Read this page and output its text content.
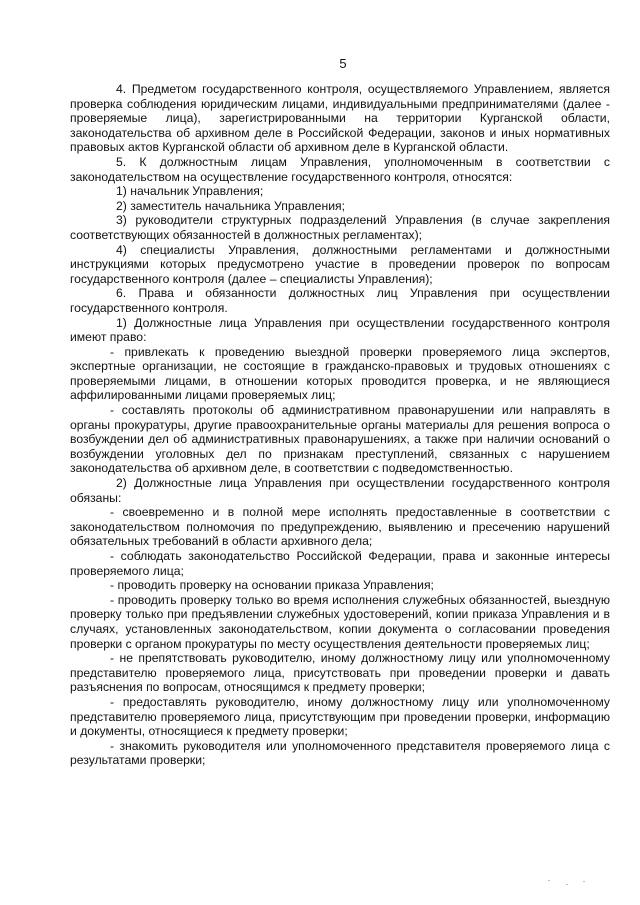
5

4. Предметом государственного контроля, осуществляемого Управлением, является проверка соблюдения юридическим лицами, индивидуальными предпринимателями (далее - проверяемые лица), зарегистрированными на территории Курганской области, законодательства об архивном деле в Российской Федерации, законов и иных нормативных правовых актов Курганской области об архивном деле в Курганской области.

5. К должностным лицам Управления, уполномоченным в соответствии с законодательством на осуществление государственного контроля, относятся:

1) начальник Управления;

2) заместитель начальника Управления;

3) руководители структурных подразделений Управления (в случае закрепления соответствующих обязанностей в должностных регламентах);

4) специалисты Управления, должностными регламентами и должностными инструкциями которых предусмотрено участие в проведении проверок по вопросам государственного контроля (далее – специалисты Управления);

6. Права и обязанности должностных лиц Управления при осуществлении государственного контроля.

1) Должностные лица Управления при осуществлении государственного контроля имеют право:

- привлекать к проведению выездной проверки проверяемого лица экспертов, экспертные организации, не состоящие в гражданско-правовых и трудовых отношениях с проверяемыми лицами, в отношении которых проводится проверка, и не являющиеся аффилированными лицами проверяемых лиц;

- составлять протоколы об административном правонарушении или направлять в органы прокуратуры, другие правоохранительные органы материалы для решения вопроса о возбуждении дел об административных правонарушениях, а также при наличии оснований о возбуждении уголовных дел по признакам преступлений, связанных с нарушением законодательства об архивном деле, в соответствии с подведомственностью.

2) Должностные лица Управления при осуществлении государственного контроля обязаны:

- своевременно и в полной мере исполнять предоставленные в соответствии с законодательством полномочия по предупреждению, выявлению и пресечению нарушений обязательных требований в области архивного дела;

- соблюдать законодательство Российской Федерации, права и законные интересы проверяемого лица;

- проводить проверку на основании приказа Управления;

- проводить проверку только во время исполнения служебных обязанностей, выездную проверку только при предъявлении служебных удостоверений, копии приказа Управления и в случаях, установленных законодательством, копии документа о согласовании проведения проверки с органом прокуратуры по месту осуществления деятельности проверяемых лиц;

- не препятствовать руководителю, иному должностному лицу или уполномоченному представителю проверяемого лица, присутствовать при проведении проверки и давать разъяснения по вопросам, относящимся к предмету проверки;

- предоставлять руководителю, иному должностному лицу или уполномоченному представителю проверяемого лица, присутствующим при проведении проверки, информацию и документы, относящиеся к предмету проверки;

- знакомить руководителя или уполномоченного представителя проверяемого лица с результатами проверки;
